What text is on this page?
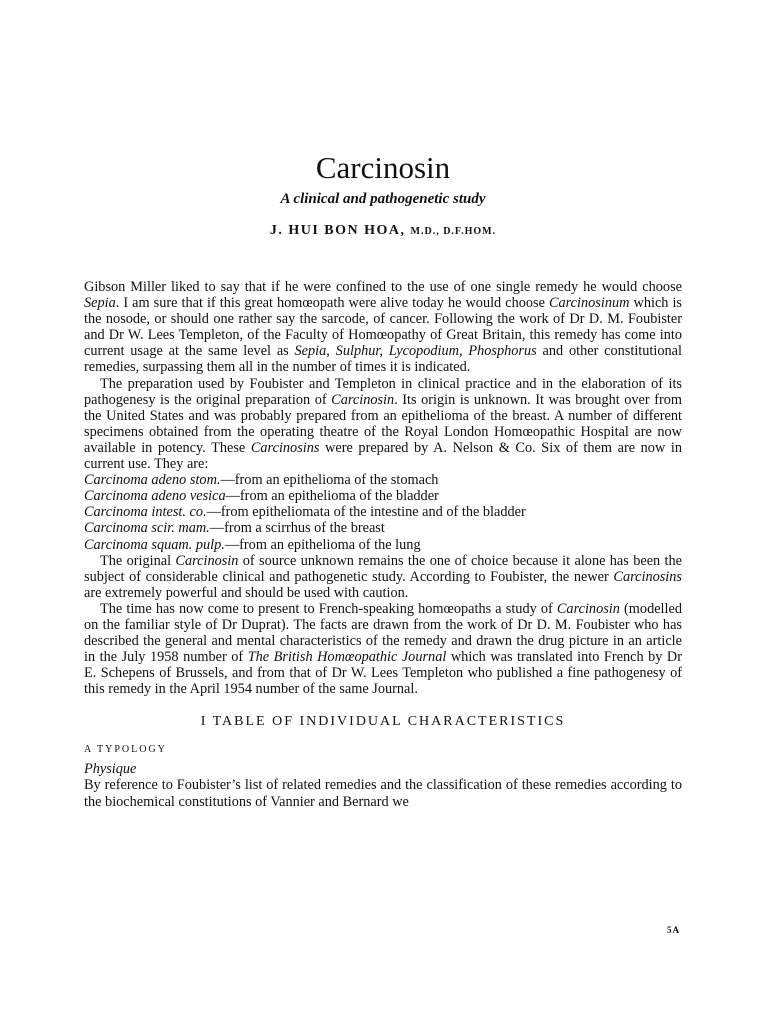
Carcinosin
A clinical and pathogenetic study
J. HUI BON HOA, M.D., D.F.HOM.

Gibson Miller liked to say that if he were confined to the use of one single remedy he would choose Sepia. I am sure that if this great homœopath were alive today he would choose Carcinosinum which is the nosode, or should one rather say the sarcode, of cancer. Following the work of Dr D. M. Foubister and Dr W. Lees Templeton, of the Faculty of Homœopathy of Great Britain, this remedy has come into current usage at the same level as Sepia, Sulphur, Lycopodium, Phosphorus and other constitutional remedies, surpassing them all in the number of times it is indicated.

The preparation used by Foubister and Templeton in clinical practice and in the elaboration of its pathogenesy is the original preparation of Carcinosin. Its origin is unknown. It was brought over from the United States and was probably prepared from an epithelioma of the breast. A number of different specimens obtained from the operating theatre of the Royal London Homœopathic Hospital are now available in potency. These Carcinosins were prepared by A. Nelson & Co. Six of them are now in current use. They are:

Carcinoma adeno stom.—from an epithelioma of the stomach
Carcinoma adeno vesica—from an epithelioma of the bladder
Carcinoma intest. co.—from epitheliomata of the intestine and of the bladder
Carcinoma scir. mam.—from a scirrhus of the breast
Carcinoma squam. pulp.—from an epithelioma of the lung

The original Carcinosin of source unknown remains the one of choice because it alone has been the subject of considerable clinical and pathogenetic study. According to Foubister, the newer Carcinosins are extremely powerful and should be used with caution.

The time has now come to present to French-speaking homœopaths a study of Carcinosin (modelled on the familiar style of Dr Duprat). The facts are drawn from the work of Dr D. M. Foubister who has described the general and mental characteristics of the remedy and drawn the drug picture in an article in the July 1958 number of The British Homœopathic Journal which was translated into French by Dr E. Schepens of Brussels, and from that of Dr W. Lees Templeton who published a fine pathogenesy of this remedy in the April 1954 number of the same Journal.

I TABLE OF INDIVIDUAL CHARACTERISTICS
A TYPOLOGY
Physique

By reference to Foubister’s list of related remedies and the classification of these remedies according to the biochemical constitutions of Vannier and Bernard we

5A
